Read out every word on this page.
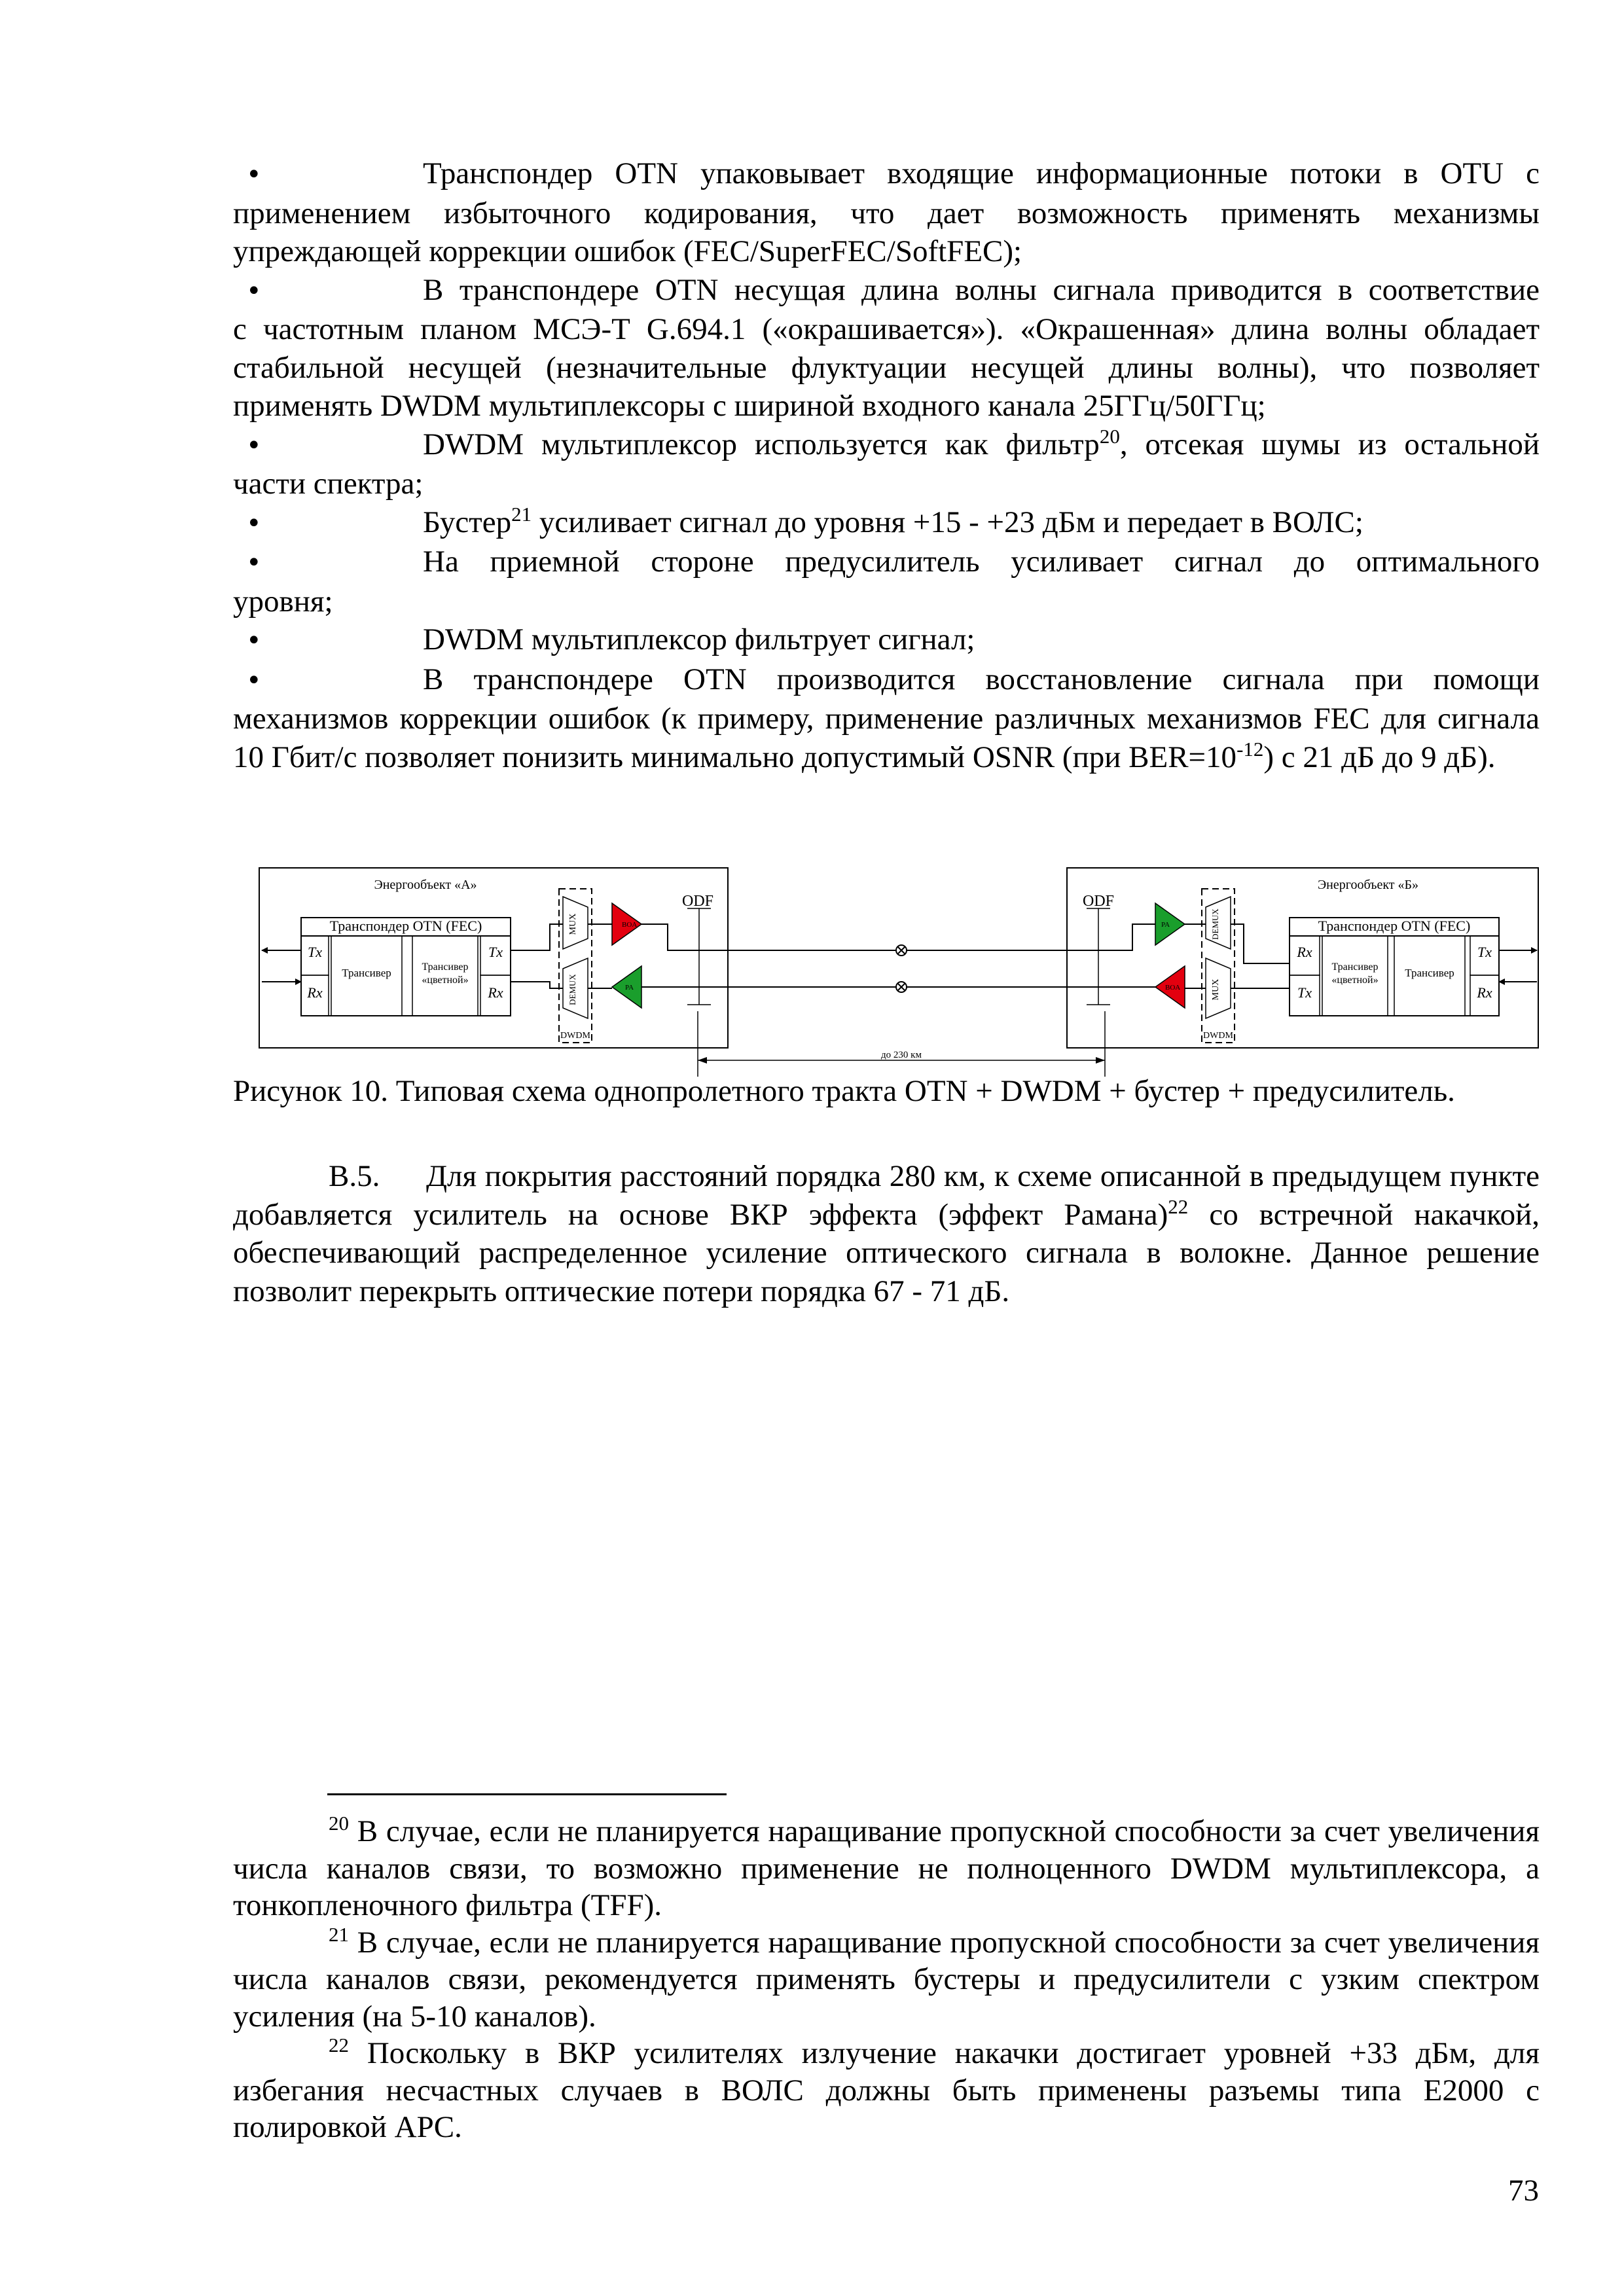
•Транспондер OTN упаковывает входящие информационные потоки в OTU с
применением избыточного кодирования, что дает возможность применять механизмы упреждающей коррекции ошибок (FEC/SuperFEC/SoftFEC);

•В транспондере OTN несущая длина волны сигнала приводится в соответствие
с частотным планом МСЭ-Т G.694.1 («окрашивается»). «Окрашенная» длина волны обладает стабильной несущей (незначительные флуктуации несущей длины волны), что позволяет применять DWDM мультиплексоры с шириной входного канала 25ГГц/50ГГц;

•DWDM мультиплексор используется как фильтр$^{20}$, отсекая шумы из остальной
части спектра;

•Бустер$^{21}$ усиливает сигнал до уровня +15 - +23 дБм и передает в ВОЛС;

•На приемной стороне предусилитель усиливает сигнал до оптимального
уровня;

•DWDM мультиплексор фильтрует сигнал;

•В транспондере OTN производится восстановление сигнала при помощи
механизмов коррекции ошибок (к примеру, применение различных механизмов FEC для сигнала 10 Гбит/с позволяет понизить минимально допустимый OSNR (при $BER=10^{-12}$) с 21 дБ до 9 дБ).

Энергообъект «А»
Транспондер OTN (FEC)
Tx
Rx
Трансивер	Трансивер
«цветной»
Tx
Rx
MUX
DEMUX
DWDM
BOA
PA
ODF
до 230 км
Энергообъект «Б»
ODF
PA
BOA
DEMUX
MUX
DWDM
Транспондер OTN (FEC)
Rx
Tx
Трансивер
«цветной»
Трансивер
Tx
Rx
Рисунок 10. Типовая схема однопролетного тракта OTN + DWDM + бустер + предусилитель.

В.5. Для покрытия расстояний порядка 280 км, к схеме описанной в предыдущем пункте добавляется усилитель на основе ВКР эффекта (эффект Рамана)$^{22}$ со встречной накачкой, обеспечивающий распределенное усиление оптического сигнала в волокне. Данное решение позволит перекрыть оптические потери порядка 67 - 71 дБ.

$^{20}$ В случае, если не планируется наращивание пропускной способности за счет увеличения числа каналов связи, то возможно применение не полноценного DWDM мультиплексора, а тонкопленочного фильтра (TFF).

$^{21}$ В случае, если не планируется наращивание пропускной способности за счет увеличения числа каналов связи, рекомендуется применять бустеры и предусилители с узким спектром усиления (на 5-10 каналов).

$^{22}$ Поскольку в ВКР усилителях излучение накачки достигает уровней +33 дБм, для избегания несчастных случаев в ВОЛС должны быть применены разъемы типа E2000 с полировкой APC.

73
